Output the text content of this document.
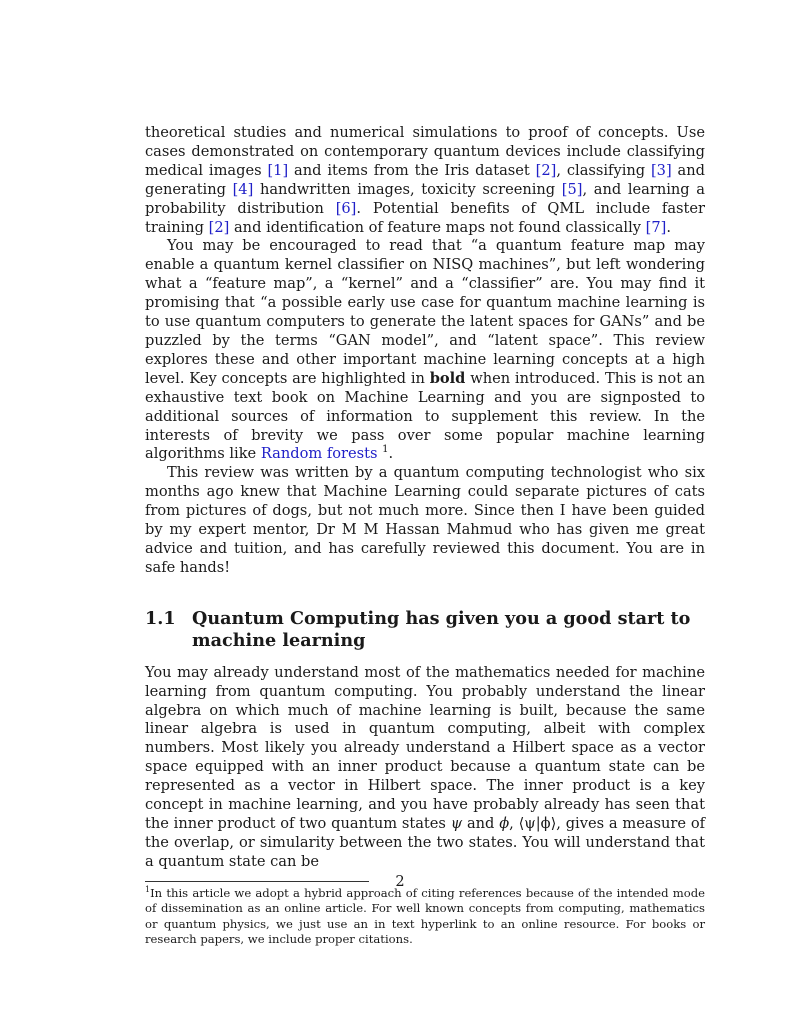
theoretical studies and numerical simulations to proof of concepts. Use cases demonstrated on contemporary quantum devices include classifying medical images [1] and items from the Iris dataset [2], classifying [3] and generating [4] handwritten images, toxicity screening [5], and learning a probability distribution [6]. Potential benefits of QML include faster training [2] and identification of feature maps not found classically [7].

You may be encouraged to read that “a quantum feature map may enable a quantum kernel classifier on NISQ machines”, but left wondering what a “feature map”, a “kernel” and a “classifier” are. You may find it promising that “a possible early use case for quantum machine learning is to use quantum computers to generate the latent spaces for GANs” and be puzzled by the terms “GAN model”, and “latent space”. This review explores these and other important machine learning concepts at a high level. Key concepts are highlighted in bold when introduced. This is not an exhaustive text book on Machine Learning and you are signposted to additional sources of information to supplement this review. In the interests of brevity we pass over some popular machine learning algorithms like Random forests $^1$.

This review was written by a quantum computing technologist who six months ago knew that Machine Learning could separate pictures of cats from pictures of dogs, but not much more. Since then I have been guided by my expert mentor, Dr M M Hassan Mahmud who has given me great advice and tuition, and has carefully reviewed this document. You are in safe hands!

1.1 Quantum Computing has given you a good start to machine learning

You may already understand most of the mathematics needed for machine learning from quantum computing. You probably understand the linear algebra on which much of machine learning is built, because the same linear algebra is used in quantum computing, albeit with complex numbers. Most likely you already understand a Hilbert space as a vector space equipped with an inner product because a quantum state can be represented as a vector in Hilbert space. The inner product is a key concept in machine learning, and you have probably already has seen that the inner product of two quantum states ψ and ϕ, ⟨ψ|ϕ⟩, gives a measure of the overlap, or simularity between the two states. You will understand that a quantum state can be

$^1$In this article we adopt a hybrid approach of citing references because of the intended mode of dissemination as an online article. For well known concepts from computing, mathematics or quantum physics, we just use an in text hyperlink to an online resource. For books or research papers, we include proper citations.
2
